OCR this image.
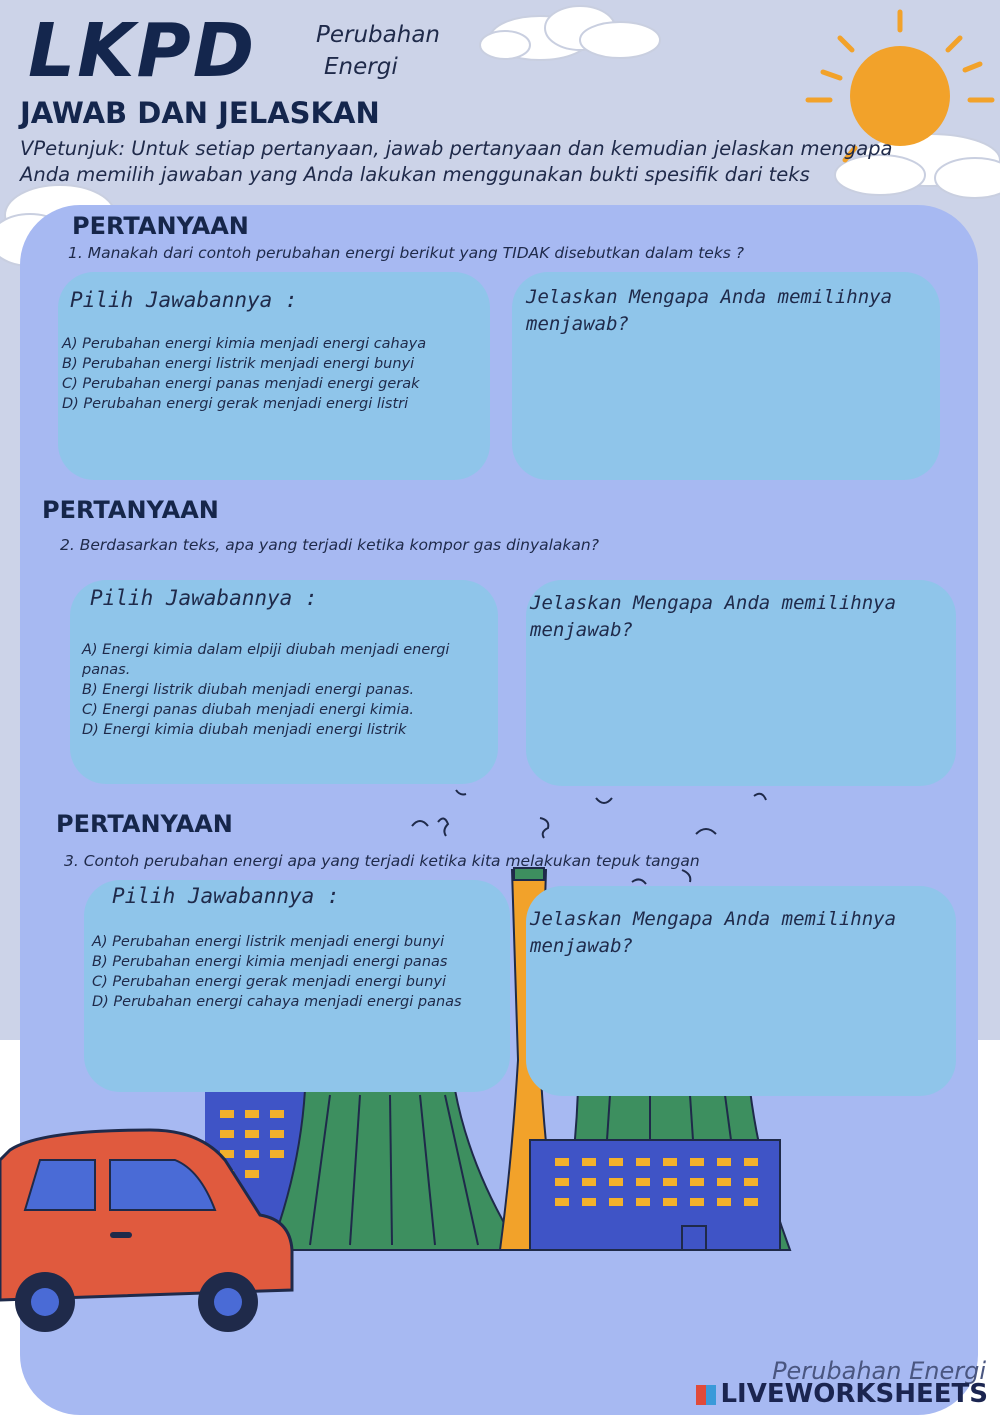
LKPD	Perubahan
Energi
JAWAB DAN JELASKAN
VPetunjuk: Untuk setiap pertanyaan, jawab pertanyaan dan kemudian jelaskan mengapa
Anda memilih jawaban yang Anda lakukan menggunakan bukti spesifik dari teks
PERTANYAAN
1. Manakah dari contoh perubahan energi berikut yang TIDAK disebutkan dalam teks ?
Pilih Jawabannya :

A) Perubahan energi kimia menjadi energi cahaya

B) Perubahan energi listrik menjadi energi bunyi

C) Perubahan energi panas menjadi energi gerak

D) Perubahan energi gerak menjadi energi listri

Jelaskan Mengapa Anda memilihnya menjawab?
PERTANYAAN
2. Berdasarkan teks, apa yang terjadi ketika kompor gas dinyalakan?
Pilih Jawabannya :

A) Energi kimia dalam elpiji diubah menjadi energi panas.

B) Energi listrik diubah menjadi energi panas.

C) Energi panas diubah menjadi energi kimia.

D) Energi kimia diubah menjadi energi listrik

Jelaskan Mengapa Anda memilihnya menjawab?
PERTANYAAN
3. Contoh perubahan energi apa yang terjadi ketika kita melakukan tepuk tangan
Pilih Jawabannya :

A) Perubahan energi listrik menjadi energi bunyi

B) Perubahan energi kimia menjadi energi panas

C) Perubahan energi gerak menjadi energi bunyi

D) Perubahan energi cahaya menjadi energi panas

Jelaskan Mengapa Anda memilihnya menjawab?
Perubahan Energi
LIVEWORKSHEETS
